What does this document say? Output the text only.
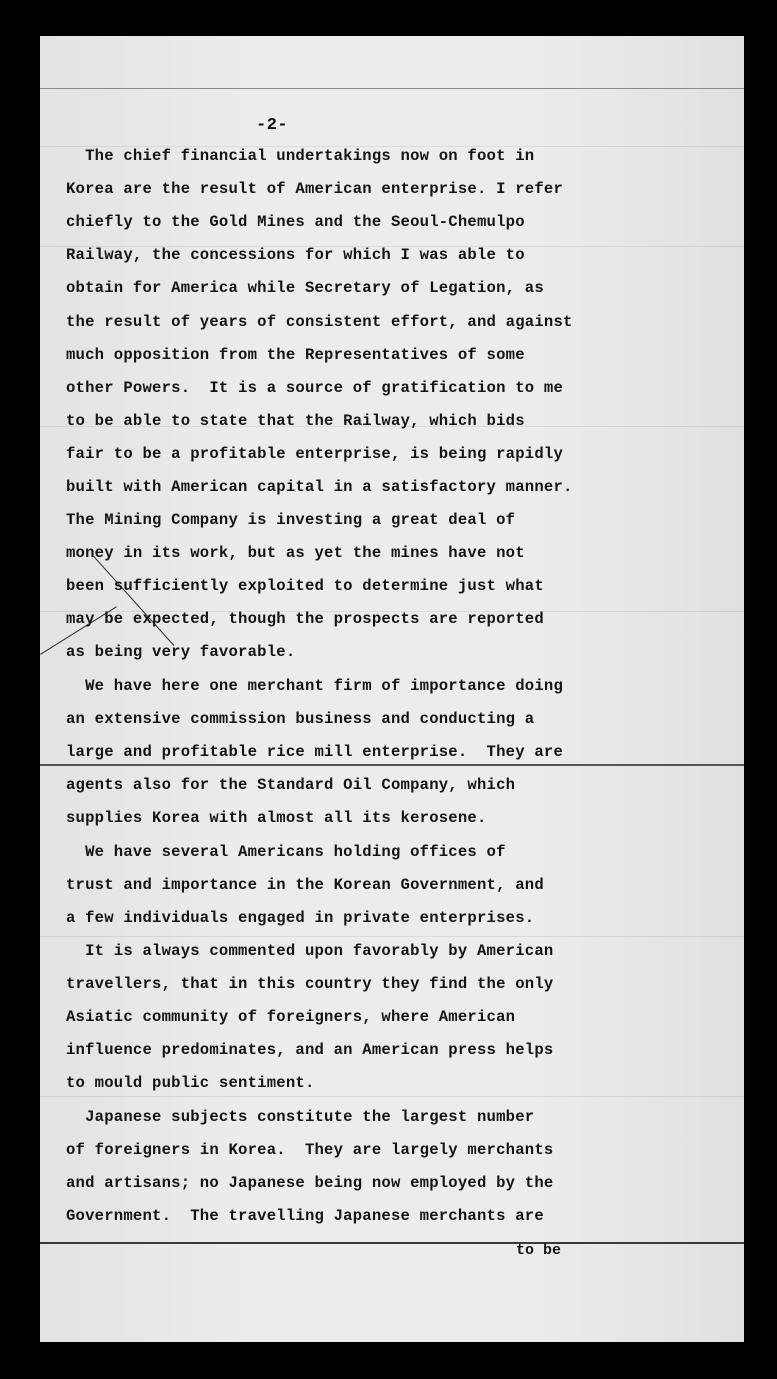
-2-
The chief financial undertakings now on foot in
Korea are the result of American enterprise. I refer
chiefly to the Gold Mines and the Seoul-Chemulpo
Railway, the concessions for which I was able to
obtain for America while Secretary of Legation, as
the result of years of consistent effort, and against
much opposition from the Representatives of some
other Powers.  It is a source of gratification to me
to be able to state that the Railway, which bids
fair to be a profitable enterprise, is being rapidly
built with American capital in a satisfactory manner.
The Mining Company is investing a great deal of
money in its work, but as yet the mines have not
been sufficiently exploited to determine just what
may be expected, though the prospects are reported
as being very favorable.
We have here one merchant firm of importance doing
an extensive commission business and conducting a
large and profitable rice mill enterprise.  They are
agents also for the Standard Oil Company, which
supplies Korea with almost all its kerosene.
We have several Americans holding offices of
trust and importance in the Korean Government, and
a few individuals engaged in private enterprises.
It is always commented upon favorably by American
travellers, that in this country they find the only
Asiatic community of foreigners, where American
influence predominates, and an American press helps
to mould public sentiment.
Japanese subjects constitute the largest number
of foreigners in Korea.  They are largely merchants
and artisans; no Japanese being now employed by the
Government.  The travelling Japanese merchants are
to be
